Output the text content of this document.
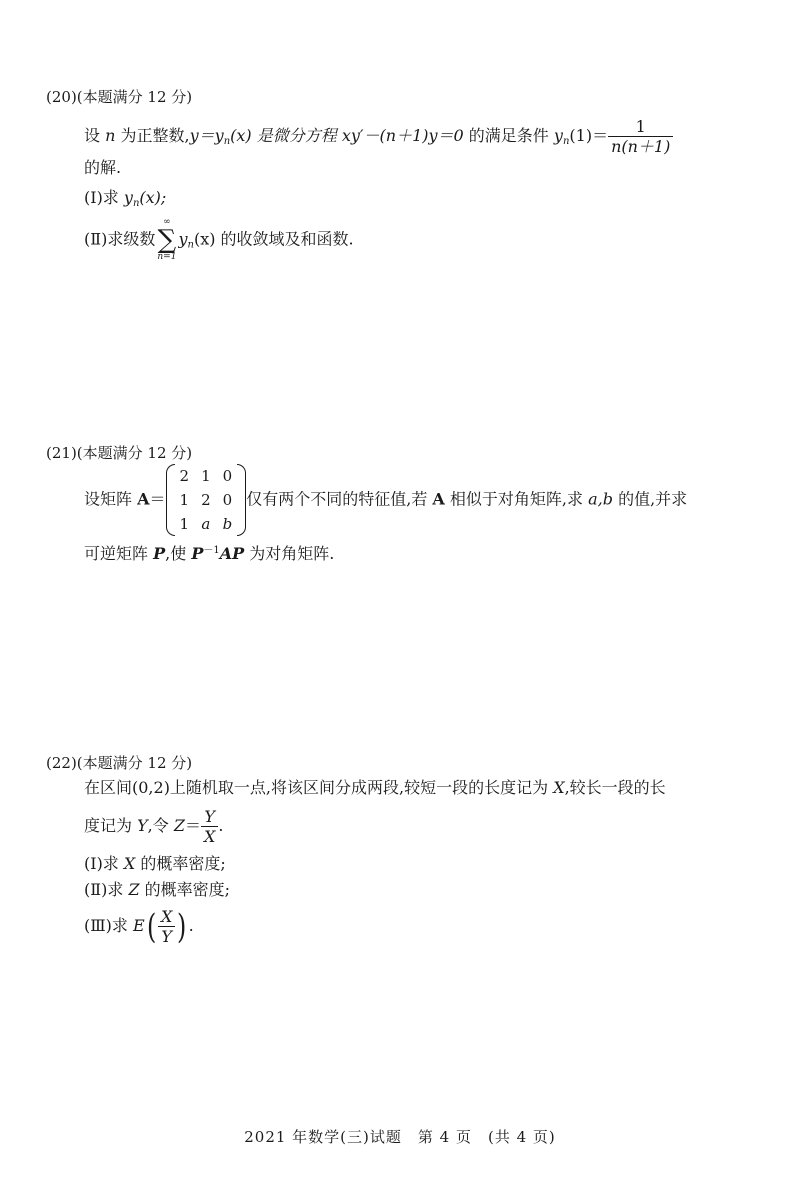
(20)(本题满分 12 分)
设 n 为正整数$,y=y_n(x)$ 是微分方程 xy′－(n＋1)y＝0 的满足条件 $y_n(1)= \frac{1}{n(n+1)}$
的解.
(Ⅰ)求 $y_n(x)$;
(Ⅱ)求级数
∞
∑
n=1
$y_n(x)$ 的收敛域及和函数.
(21)(本题满分 12 分)
设矩阵 A＝
2	1	0
1	2	0
1	a	b
仅有两个不同的特征值,若 A 相似于对角矩阵,求 a,b 的值,并求
可逆矩阵 P,使 $P^{-1}AP$ 为对角矩阵.
(22)(本题满分 12 分)
在区间(0,2)上随机取一点,将该区间分成两段,较短一段的长度记为 X,较长一段的长
度记为 Y,令 $Z= \frac{Y}{X}$ .
(Ⅰ)求 X 的概率密度;
(Ⅱ)求 Z 的概率密度;
(Ⅲ)求 $E( \frac{X}{Y}$ ) .
2021 年数学(三)试题　第 4 页　(共 4 页)
